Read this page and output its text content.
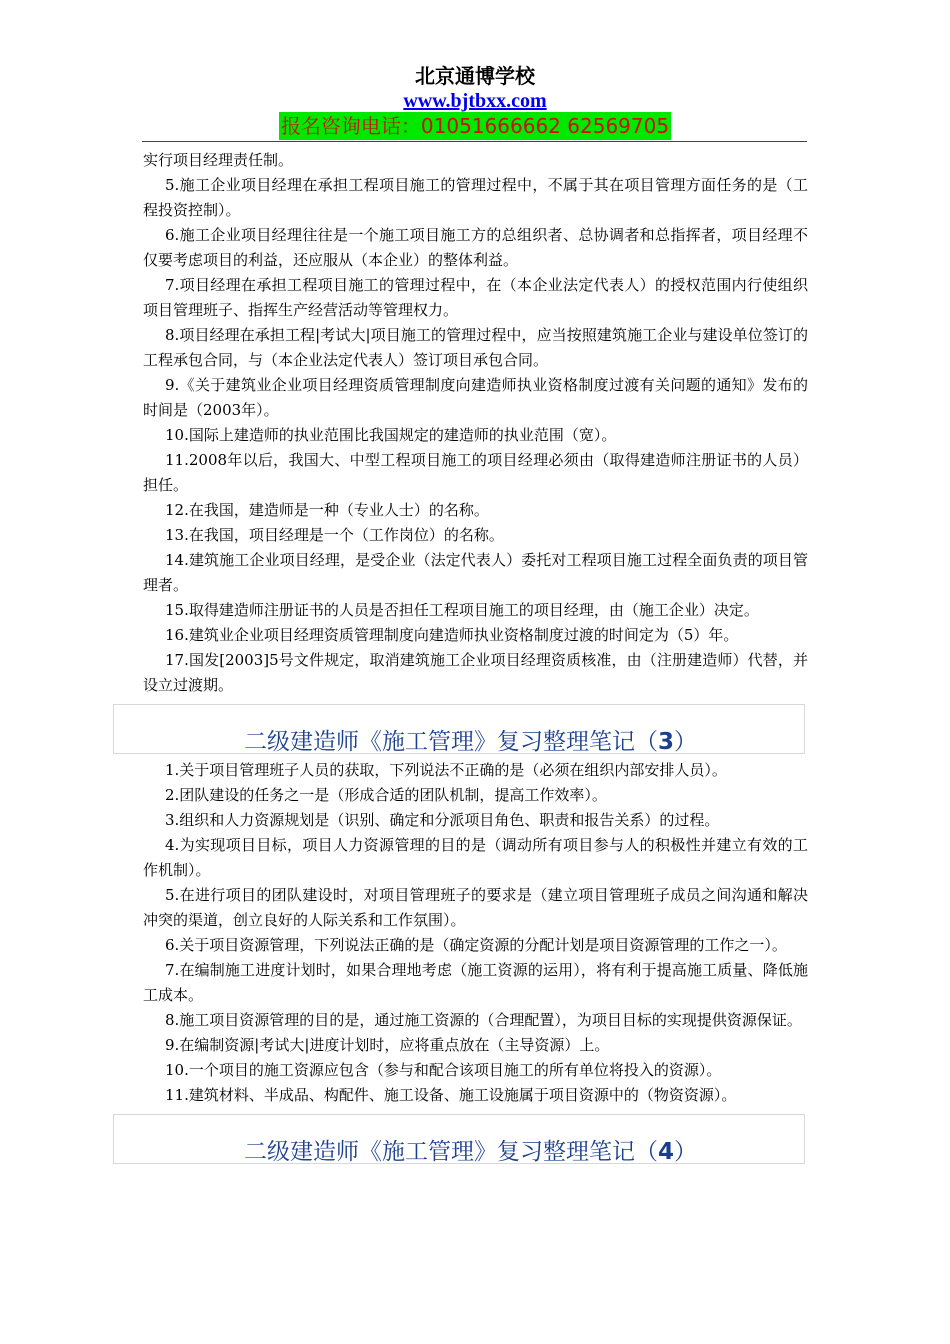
北京通博学校
www.bjtbxx.com
报名咨询电话：01051666662 62569705

实行项目经理责任制。

5.施工企业项目经理在承担工程项目施工的管理过程中，不属于其在项目管理方面任务的是（工程投资控制）。

6.施工企业项目经理往往是一个施工项目施工方的总组织者、总协调者和总指挥者，项目经理不仅要考虑项目的利益，还应服从（本企业）的整体利益。

7.项目经理在承担工程项目施工的管理过程中，在（本企业法定代表人）的授权范围内行使组织项目管理班子、指挥生产经营活动等管理权力。

8.项目经理在承担工程|考试大|项目施工的管理过程中，应当按照建筑施工企业与建设单位签订的工程承包合同，与（本企业法定代表人）签订项目承包合同。

9.《关于建筑业企业项目经理资质管理制度向建造师执业资格制度过渡有关问题的通知》发布的时间是（2003年）。

10.国际上建造师的执业范围比我国规定的建造师的执业范围（宽）。

11.2008年以后，我国大、中型工程项目施工的项目经理必须由（取得建造师注册证书的人员）担任。

12.在我国，建造师是一种（专业人士）的名称。

13.在我国，项目经理是一个（工作岗位）的名称。

14.建筑施工企业项目经理，是受企业（法定代表人）委托对工程项目施工过程全面负责的项目管理者。

15.取得建造师注册证书的人员是否担任工程项目施工的项目经理，由（施工企业）决定。

16.建筑业企业项目经理资质管理制度向建造师执业资格制度过渡的时间定为（5）年。

17.国发[2003]5号文件规定，取消建筑施工企业项目经理资质核准，由（注册建造师）代替，并设立过渡期。

二级建造师《施工管理》复习整理笔记（3）

1.关于项目管理班子人员的获取，下列说法不正确的是（必须在组织内部安排人员）。

2.团队建设的任务之一是（形成合适的团队机制，提高工作效率）。

3.组织和人力资源规划是（识别、确定和分派项目角色、职责和报告关系）的过程。

4.为实现项目目标，项目人力资源管理的目的是（调动所有项目参与人的积极性并建立有效的工作机制）。

5.在进行项目的团队建设时，对项目管理班子的要求是（建立项目管理班子成员之间沟通和解决冲突的渠道，创立良好的人际关系和工作氛围）。

6.关于项目资源管理，下列说法正确的是（确定资源的分配计划是项目资源管理的工作之一）。

7.在编制施工进度计划时，如果合理地考虑（施工资源的运用），将有利于提高施工质量、降低施工成本。

8.施工项目资源管理的目的是，通过施工资源的（合理配置），为项目目标的实现提供资源保证。

9.在编制资源|考试大|进度计划时，应将重点放在（主导资源）上。

10.一个项目的施工资源应包含（参与和配合该项目施工的所有单位将投入的资源）。

11.建筑材料、半成品、构配件、施工设备、施工设施属于项目资源中的（物资资源）。

二级建造师《施工管理》复习整理笔记（4）
